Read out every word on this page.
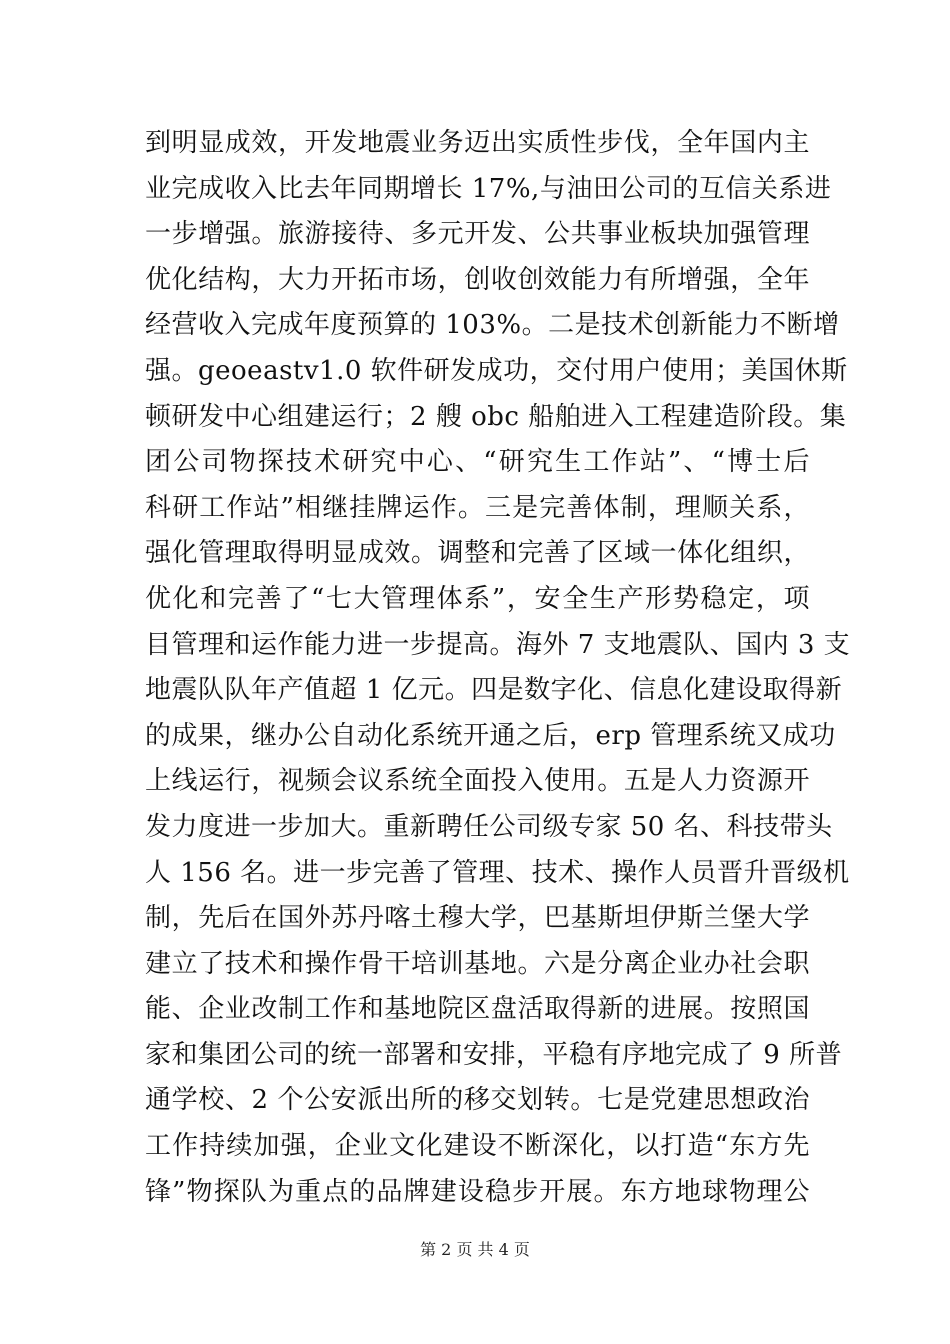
到明显成效，开发地震业务迈出实质性步伐，全年国内主
业完成收入比去年同期增长 17%,与油田公司的互信关系进
一步增强。旅游接待、多元开发、公共事业板块加强管理
优化结构，大力开拓市场，创收创效能力有所增强，全年
经营收入完成年度预算的 103%。二是技术创新能力不断增
强。geoeastv1.0 软件研发成功，交付用户使用；美国休斯
顿研发中心组建运行；2 艘 obc 船舶进入工程建造阶段。集
团公司物探技术研究中心、“研究生工作站”、“博士后
科研工作站”相继挂牌运作。三是完善体制，理顺关系，
强化管理取得明显成效。调整和完善了区域一体化组织，
优化和完善了“七大管理体系”，安全生产形势稳定，项
目管理和运作能力进一步提高。海外 7 支地震队、国内 3 支
地震队队年产值超 1 亿元。四是数字化、信息化建设取得新
的成果，继办公自动化系统开通之后，erp 管理系统又成功
上线运行，视频会议系统全面投入使用。五是人力资源开
发力度进一步加大。重新聘任公司级专家 50 名、科技带头
人 156 名。进一步完善了管理、技术、操作人员晋升晋级机
制，先后在国外苏丹喀土穆大学，巴基斯坦伊斯兰堡大学
建立了技术和操作骨干培训基地。六是分离企业办社会职
能、企业改制工作和基地院区盘活取得新的进展。按照国
家和集团公司的统一部署和安排，平稳有序地完成了 9 所普
通学校、2 个公安派出所的移交划转。七是党建思想政治
工作持续加强，企业文化建设不断深化，以打造“东方先
锋”物探队为重点的品牌建设稳步开展。东方地球物理公
第 2 页 共 4 页
